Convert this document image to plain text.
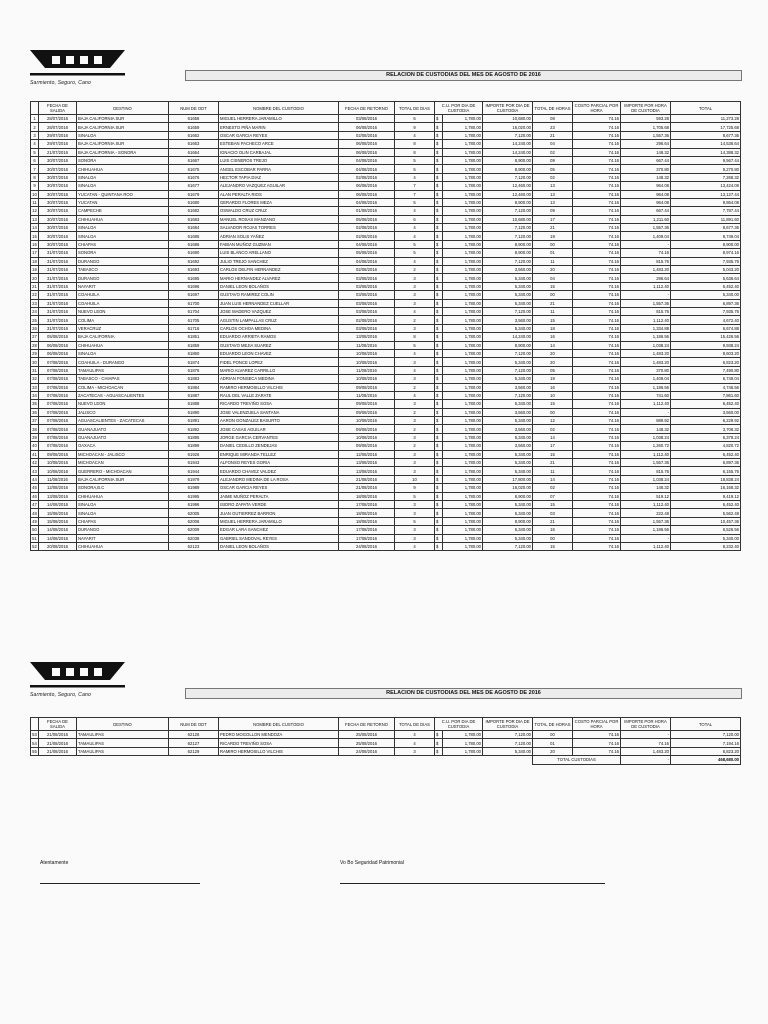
Sarmiento, Seguro, Cano
RELACION DE CUSTODIAS DEL MES DE AGOSTO DE 2016
	FECHA DE SALIDA	DESTINO	NUM DE ODT	NOMBRE DEL CUSTODIO	FECHA DE RETORNO	TOTAL DE DIAS	C.U. POR DIA DE CUSTODIA		IMPORTE POR DIA DE CUSTODIA	TOTAL DE HORAS	COSTO PARCIAL POR HORA	IMPORTE POR HORA DE CUSTODIA	TOTAL
1	28/07/2016	BAJA CALIFORNIA SUR	61658	MIGUEL HERRERA JARAMILLO	03/08/2016	6	$	1,780.00	10,680.00	08	74.16	593.28	11,273.28
2	28/07/2016	BAJA CALIFORNIA SUR	61659	ERNESTO PIÑA MARIN	06/08/2016	9	$	1,780.00	16,020.00	23	74.16	1,705.68	17,725.68
3	29/07/2016	SINALOA	61662	OSCAR GARCIA REYES	02/08/2016	4	$	1,780.00	7,120.00	21	74.16	1,557.36	8,677.36
4	29/07/2016	BAJA CALIFORNIA SUR	61663	ESTEBAN PACHECO ARCE	06/08/2016	8	$	1,780.00	14,240.00	04	74.16	296.64	14,536.64
5	21/07/2016	BAJA CALIFORNIA - SONORA	61664	IGNACIO OLIN CARBAJAL	06/08/2016	8	$	1,780.00	14,240.00	02	74.16	148.32	14,388.32
6	30/07/2016	SONORA	61667	LUIS CISNEROS TREJO	04/08/2016	5	$	1,780.00	8,900.00	09	74.16	667.44	9,567.44
7	30/07/2016	CHIHUAHUA	61675	ANGEL ESCOBAR PARRA	04/08/2016	5	$	1,780.00	8,900.00	05	74.16	370.80	9,270.80
8	30/07/2016	SINALOA	61676	HECTOR TAPIA DIAZ	02/08/2016	4	$	1,780.00	7,120.00	02	74.16	148.32	7,268.32
9	30/07/2016	SINALOA	61677	ALEJANDRO VAZQUEZ AGUILAR	06/08/2016	7	$	1,780.00	12,460.00	13	74.16	964.08	13,424.08
10	30/07/2016	YUCATAN - QUINTANA ROO	61679	ALAN PERALTA RIOS	06/08/2016	7	$	1,780.00	12,460.00	13	74.16	964.08	13,127.44
11	30/07/2016	YUCATAN	61680	GERARDO FLORES MEZA	04/08/2016	5	$	1,780.00	8,900.00	13	74.16	964.08	9,864.08
12	30/07/2016	CAMPECHE	61682	OSWALDO CRUZ CRUZ	01/08/2016	4	$	1,780.00	7,120.00	09	74.16	667.44	7,787.44
13	30/07/2016	CHIHUAHUA	61683	MANUEL ROSAS MANZANO	05/08/2016	6	$	1,780.00	10,680.00	17	74.16	1,211.60	11,891.60
14	30/07/2016	SINALOA	61684	SALVADOR ROJAS TORRES	02/08/2016	4	$	1,780.00	7,120.00	21	74.16	1,557.36	8,677.36
15	30/07/2016	SINALOA	61685	ADRIAN SOLIS YAÑEZ	02/08/2016	4	$	1,780.00	7,120.00	19	74.16	1,409.04	8,749.04
16	30/07/2016	CHIAPAS	61686	FABIAN MUÑOZ GUZMAN	04/08/2016	5	$	1,780.00	8,900.00	00	74.16	-	8,900.00
17	31/07/2016	SONORA	61690	LUIS BLANCO ARELLANO	05/08/2016	5	$	1,780.00	8,900.00	01	74.16	74.16	8,974.16
18	31/07/2016	DURANGO	61692	JULIO TREJO SANCHEZ	04/08/2016	4	$	1,780.00	7,120.00	11	74.16	815.76	7,935.76
19	31/07/2016	TABASCO	61693	CARLOS DELFIN HERNANDEZ	02/08/2016	2	$	1,780.00	3,560.00	20	74.16	1,483.20	5,043.20
20	31/07/2016	DURANGO	61695	MARIO HERNANDEZ ALVAREZ	03/08/2016	3	$	1,780.00	5,340.00	04	74.16	296.64	5,636.64
21	31/07/2016	NAYARIT	61696	DANIEL LEON BOLAÑOS	03/08/2016	3	$	1,780.00	5,340.00	15	74.16	1,112.40	6,452.40
22	31/07/2016	COAHUILA	61697	GUSTAVO RAMIREZ COLIN	03/08/2016	3	$	1,780.00	5,340.00	00	74.16	-	5,340.00
23	31/07/2016	COAHUILA	61700	JUAN LUIS HERNANDEZ CUELLAR	03/08/2016	3	$	1,780.00	5,340.00	21	74.16	1,557.36	6,897.36
24	31/07/2016	NUEVO LEON	61704	JOSE MADERO VAZQUEZ	03/08/2016	4	$	1,780.00	7,120.00	11	74.16	815.76	7,935.76
25	31/07/2016	COLIMA	61705	AGUSTIN LAMPALLAS CRUZ	02/08/2016	2	$	1,780.00	3,560.00	15	74.16	1,112.40	4,672.40
26	31/07/2016	VERACRUZ	61716	CARLOS OCHOA MEDINA	03/08/2016	3	$	1,780.00	5,340.00	18	74.16	1,334.88	6,674.88
27	05/08/2016	BAJA CALIFORNIA	61851	EDUARDO ARRIETA RAMOS	13/08/2016	8	$	1,780.00	14,240.00	16	74.16	1,186.56	15,426.56
28	06/08/2016	CHIHUAHUA	61859	GUSTAVO MEJIA SUAREZ	11/08/2016	5	$	1,780.00	8,900.00	14	74.16	1,038.24	9,938.24
29	06/08/2016	SINALOA	61860	EDUARDO LEON CHAVEZ	10/08/2016	4	$	1,780.00	7,120.00	20	74.16	1,483.20	8,603.20
30	07/08/2016	COAHUILA - DURANGO	61874	FIDEL PONCE LOPEZ	10/08/2016	3	$	1,780.00	5,340.00	20	74.16	1,483.20	6,823.20
31	07/08/2016	TAMAULIPAS	61876	MARIO ALVAREZ CARRILLO	11/08/2016	4	$	1,780.00	7,120.00	05	74.16	370.80	7,490.80
32	07/08/2016	TABASCO - CHIAPAS	61883	ADRIAN FONSECA MEDINA	10/08/2016	3	$	1,780.00	5,340.00	19	74.16	1,409.04	6,749.04
33	07/08/2016	COLIMA - MICHOACAN	61884	RAMIRO HERMOSILLO VILCHIS	09/08/2016	2	$	1,780.00	3,560.00	16	74.16	1,186.56	4,746.56
34	07/08/2016	ZACATECAS - AGUASCALIENTES	61887	RAUL DEL VALLE ZARATE	11/08/2016	4	$	1,780.00	7,120.00	10	74.16	741.60	7,861.60
35	07/08/2016	NUEVO LEON	61888	RICARDO TREVIÑO SOSA	09/08/2016	3	$	1,780.00	5,340.00	15	74.16	1,112.40	6,452.40
36	07/08/2016	JALISCO	61890	JOSE VALENZUELA SANTANA	09/08/2016	2	$	1,780.00	3,560.00	00	74.16	-	3,560.00
37	07/08/2016	AGUASCALIENTES - ZACATECAS	61891	AARON GONZALEZ BASURTO	10/08/2016	3	$	1,780.00	5,340.00	12	74.16	889.92	6,229.92
38	07/08/2016	GUANAJUATO	61892	JOSE CASAS AGUILAR	09/08/2016	2	$	1,780.00	3,560.00	02	74.16	148.32	3,708.32
39	07/08/2016	GUANAJUATO	61895	JORGE GARCIA CERVANTES	10/08/2016	3	$	1,780.00	5,340.00	14	74.16	1,038.24	6,378.24
40	07/08/2016	OAXACA	61899	DANIEL CEDILLO ZENDEJAS	09/08/2016	2	$	1,780.00	3,560.00	17	74.16	1,260.72	4,820.72
41	09/08/2016	MICHOACAN - JALISCO	61926	ENRIQUE MIRANDA TELLEZ	12/08/2016	3	$	1,780.00	5,340.00	15	74.16	1,112.40	6,452.40
42	10/08/2016	MICHOACAN	61943	ALFONSO REYES GORIA	13/08/2016	3	$	1,780.00	5,340.00	21	74.16	1,557.36	6,897.36
43	10/08/2016	GUERRERO - MICHOACAN	61944	EDUARDO CHAVEZ VALDEZ	13/08/2016	3	$	1,780.00	5,340.00	11	74.16	815.76	6,155.76
44	11/08/2016	BAJA CALIFORNIA SUR	61979	ALEJANDRO MEDINA DE LA ROSA	21/08/2016	10	$	1,780.00	17,800.00	14	74.16	1,038.24	18,838.24
45	12/08/2016	SONORA,B.C	61989	OSCAR GARCIA REYES	21/08/2016	9	$	1,780.00	16,020.00	02	74.16	148.32	16,168.32
46	13/08/2016	CHIHUAHUA	61995	JAIME MUÑOZ PERALTA	18/08/2016	5	$	1,780.00	8,900.00	07	74.16	519.12	9,419.12
47	14/08/2016	SINALOA	61996	ISIDRO ZAPATA VERDE	17/08/2016	3	$	1,780.00	5,340.00	15	74.16	1,112.40	6,452.40
48	15/08/2016	SINALOA	62005	JUAN GUTIERREZ BARRON	18/08/2016	3	$	1,780.00	5,340.00	03	74.16	222.48	5,562.48
49	15/08/2016	CHIAPAS	62006	MIGUEL HERRERA JARAMILLO	18/08/2016	5	$	1,780.00	8,900.00	21	74.16	1,557.36	10,457.36
50	14/08/2016	DURANGO	62009	EDGAR LARA SANCHEZ	17/08/2016	3	$	1,780.00	5,340.00	16	74.16	1,186.56	6,526.56
51	14/08/2016	NAYARIT	62038	GABRIEL SANDOVAL REYES	17/08/2016	3	$	1,780.00	5,340.00	00	74.16	-	5,340.00
52	20/08/2016	CHIHUAHUA	62123	DANIEL LEON BOLAÑOS	24/08/2016	4	$	1,780.00	7,120.00	15	74.16	1,112.40	8,232.40
Sarmiento, Seguro, Cano	RELACION DE CUSTODIAS DEL MES DE AGOSTO DE 2016
	FECHA DE SALIDA	DESTINO	NUM DE ODT	NOMBRE DEL CUSTODIO	FECHA DE RETORNO	TOTAL DE DIAS	C.U. POR DIA DE CUSTODIA		IMPORTE POR DIA DE CUSTODIA	TOTAL DE HORAS	COSTO PARCIAL POR HORA	IMPORTE POR HORA DE CUSTODIA	TOTAL
53	21/08/2016	TAMAULIPAS	62126	PEDRO MOGOLLON MENDOZA	25/08/2016	4	$	1,780.00	7,120.00	00	74.16	-	7,120.00
54	21/08/2016	TAMAULIPAS	62127	RICARDO TREVIÑO SOSA	25/08/2016	4	$	1,780.00	7,120.00	01	74.16	74.16	7,194.16
55	21/08/2016	TAMAULIPAS	62129	RAMIRO HERMOSILLO VILCHIS	24/08/2016	3	$	1,780.00	5,340.00	20	74.16	1,483.20	6,823.20
										TOTAL CUSTODIAS		-	468,680.00
Atentamente	Vo Bo Seguridad Patrimonial
